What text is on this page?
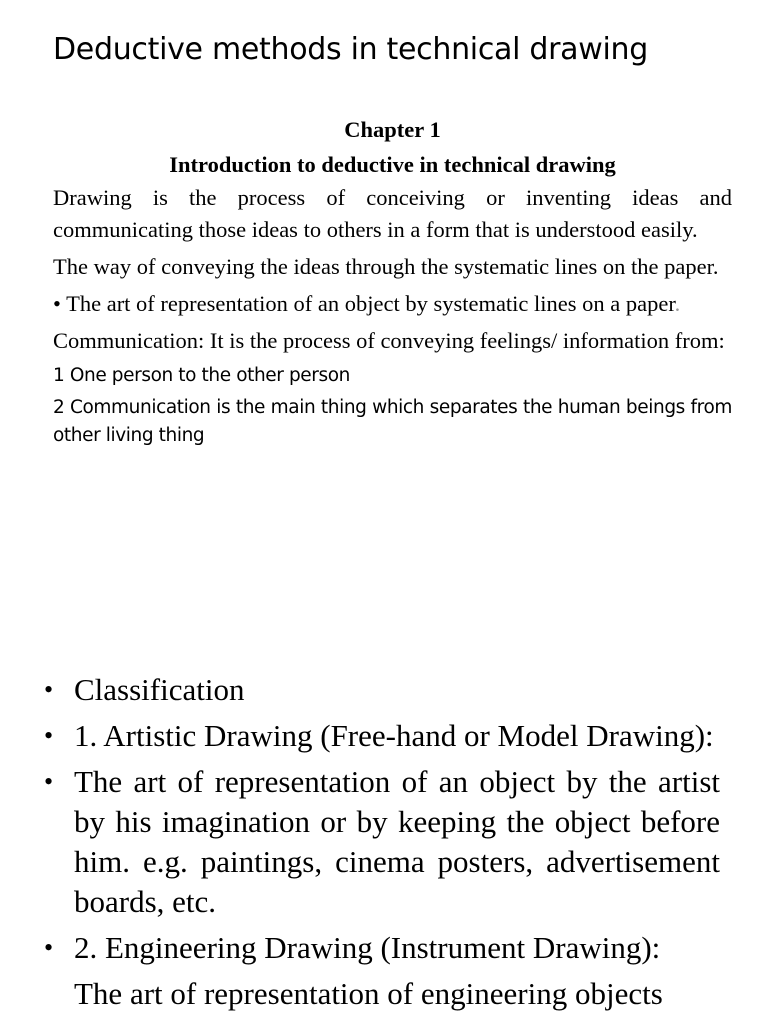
Deductive methods in technical drawing
Chapter 1
Introduction to deductive in technical drawing

Drawing is the process of conceiving or inventing ideas and communicating those ideas to others in a form that is understood easily.

The way of conveying the ideas through the systematic lines on the paper.

• The art of representation of an object by systematic lines on a paper.

Communication: It is the process of conveying feelings/ information from:

1 One person to the other person

2 Communication is the main thing which separates the human beings from other living thing

• Classification
• 1. Artistic Drawing (Free-hand or Model Drawing):
• The art of representation of an object by the artist by his imagination or by keeping the object before him. e.g. paintings, cinema posters, advertisement boards, etc.
• 2. Engineering Drawing (Instrument Drawing):
The art of representation of engineering objects
